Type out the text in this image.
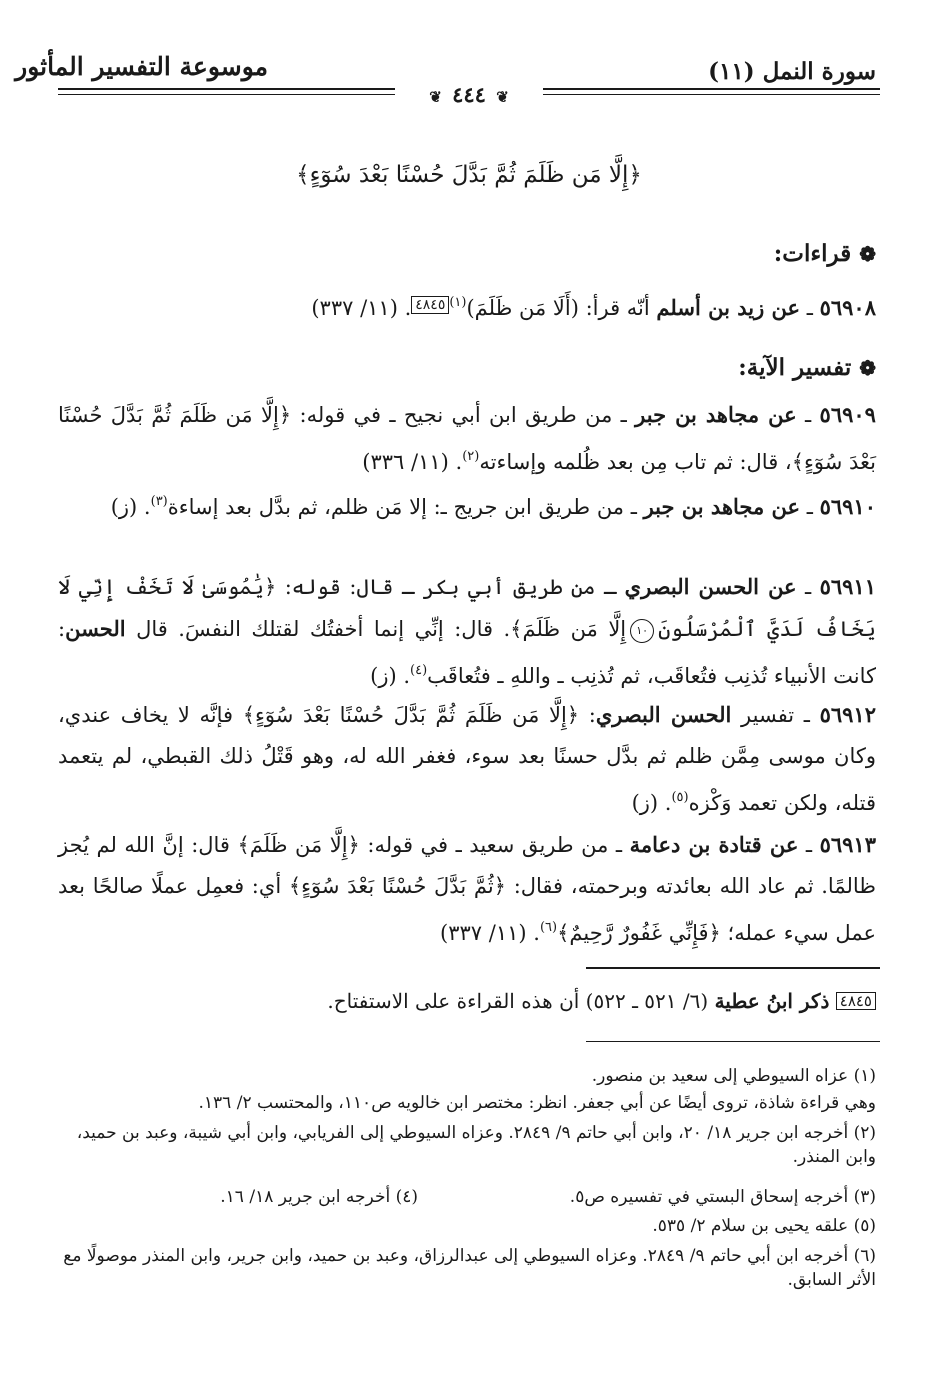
موسوعة التفسير المأثور	سورة النمل (١١)
❦ ٤٤٤ ❦
﴿إِلَّا مَن ظَلَمَ ثُمَّ بَدَّلَ حُسْنًا بَعْدَ سُوٓءٍ﴾
❁قراءات:
٥٦٩٠٨ ـ عن زيد بن أسلم أنّه قرأ: (أَلَا مَن ظَلَمَ)$^{(١)}$٤٨٤٥. (١١/ ٣٣٧)
❁تفسير الآية:
٥٦٩٠٩ ـ عن مجاهد بن جبر ـ من طريق ابن أبي نجيح ـ في قوله: ﴿إِلَّا مَن ظَلَمَ ثُمَّ بَدَّلَ حُسْنًا بَعْدَ سُوٓءٍ﴾، قال: ثم تاب مِن بعد ظُلمه وإساءته$^{(٢)}$. (١١/ ٣٣٦)
٥٦٩١٠ ـ عن مجاهد بن جبر ـ من طريق ابن جريج ـ: إلا مَن ظلم، ثم بدَّل بعد إساءة$^{(٣)}$. (ز)
٥٦٩١١ ـ عن الحسن البصري ـ من طريق أبي بكر ـ قال: قوله: ﴿يَٰمُوسَىٰ لَا تَخَفْ إِنِّي لَا يَخَافُ لَدَيَّ ٱلْمُرْسَلُونَ١٠إِلَّا مَن ظَلَمَ﴾. قال: إنِّي إنما أخفتُك لقتلك النفسَ. قال الحسن: كانت الأنبياء تُذنِب فتُعاقَب، ثم تُذنِب ـ واللهِ ـ فتُعاقَب$^{(٤)}$. (ز)
٥٦٩١٢ ـ تفسير الحسن البصري: ﴿إِلَّا مَن ظَلَمَ ثُمَّ بَدَّلَ حُسْنًا بَعْدَ سُوٓءٍ﴾ فإنَّه لا يخاف عندي، وكان موسى مِمَّن ظلم ثم بدَّل حسنًا بعد سوء، فغفر الله له، وهو قَتْلُ ذلك القبطي، لم يتعمد قتله، ولكن تعمد وَكْزه$^{(٥)}$. (ز)
٥٦٩١٣ ـ عن قتادة بن دعامة ـ من طريق سعيد ـ في قوله: ﴿إِلَّا مَن ظَلَمَ﴾ قال: إنَّ الله لم يُجز ظالمًا. ثم عاد الله بعائدته وبرحمته، فقال: ﴿ثُمَّ بَدَّلَ حُسْنًا بَعْدَ سُوٓءٍ﴾ أي: فعمِل عملًا صالحًا بعد عمل سيء عمله؛ ﴿فَإِنِّي غَفُورٌ رَّحِيمٌ﴾$^{(٦)}$. (١١/ ٣٣٧)
٤٨٤٥ ذكر ابنُ عطية (٦/ ٥٢١ ـ ٥٢٢) أن هذه القراءة على الاستفتاح.
(١) عزاه السيوطي إلى سعيد بن منصور.
وهي قراءة شاذة، تروى أيضًا عن أبي جعفر. انظر: مختصر ابن خالويه ص١١٠، والمحتسب ٢/ ١٣٦.
(٢) أخرجه ابن جرير ١٨/ ٢٠، وابن أبي حاتم ٩/ ٢٨٤٩. وعزاه السيوطي إلى الفريابي، وابن أبي شيبة، وعبد بن حميد، وابن المنذر.
(٣) أخرجه إسحاق البستي في تفسيره ص٥.
(٤) أخرجه ابن جرير ١٨/ ١٦.
(٥) علقه يحيى بن سلام ٢/ ٥٣٥.
(٦) أخرجه ابن أبي حاتم ٩/ ٢٨٤٩. وعزاه السيوطي إلى عبدالرزاق، وعبد بن حميد، وابن جرير، وابن المنذر موصولًا مع الأثر السابق.
